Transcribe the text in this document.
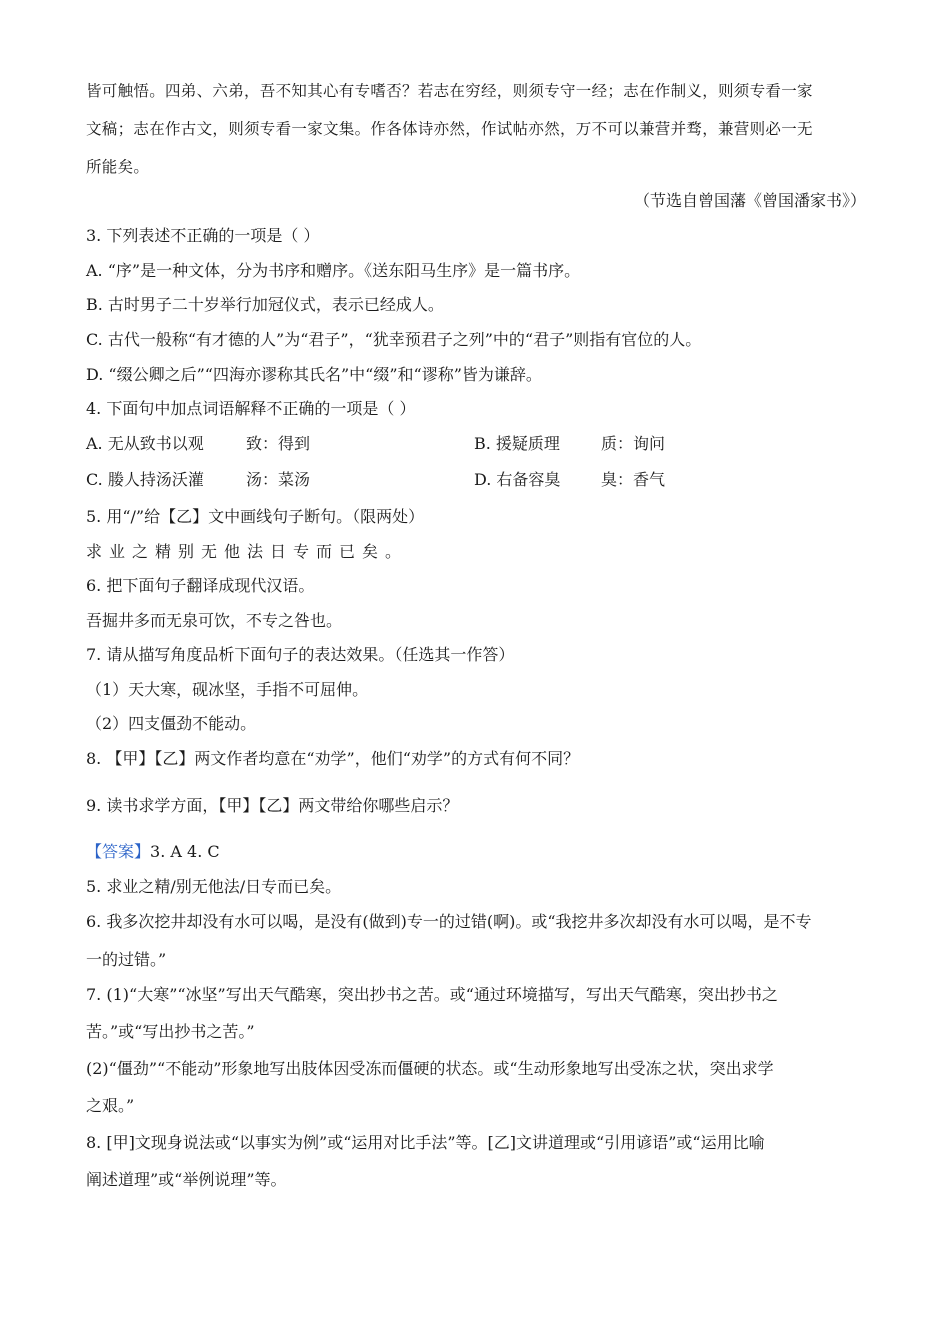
皆可触悟。四弟、六弟，吾不知其心有专嗜否？若志在穷经，则须专守一经；志在作制义，则须专看一家
文稿；志在作古文，则须专看一家文集。作各体诗亦然，作试帖亦然，万不可以兼营并骛，兼营则必一无
所能矣。
（节选自曾国藩《曾国潘家书》）
3. 下列表述不正确的一项是（ ）
A. “序”是一种文体，分为书序和赠序。《送东阳马生序》是一篇书序。
B. 古时男子二十岁举行加冠仪式，表示已经成人。
C. 古代一般称“有才德的人”为“君子”，“犹幸预君子之列”中的“君子”则指有官位的人。
D. “缀公卿之后”“四海亦谬称其氏名”中“缀”和“谬称”皆为谦辞。
4. 下面句中加点词语解释不正确的一项是（ ）
A. 无从致书以观	致：得到	B. 援疑质理	质：询问
C. 媵人持汤沃灌	汤：菜汤	D. 右备容臭	臭：香气
5. 用“/”给【乙】文中画线句子断句。（限两处）
求业之精别无他法日专而已矣。
6. 把下面句子翻译成现代汉语。
吾掘井多而无泉可饮，不专之咎也。
7. 请从描写角度品析下面句子的表达效果。（任选其一作答）
（1）天大寒，砚冰坚，手指不可屈伸。
（2）四支僵劲不能动。
8. 【甲】【乙】两文作者均意在“劝学”，他们“劝学”的方式有何不同？
9. 读书求学方面，【甲】【乙】两文带给你哪些启示？
【答案】3. A 4. C
5. 求业之精/别无他法/日专而已矣。
6. 我多次挖井却没有水可以喝，是没有(做到)专一的过错(啊)。或“我挖井多次却没有水可以喝，是不专
一的过错。”
7. (1)“大寒”“冰坚”写出天气酷寒，突出抄书之苦。或“通过环境描写，写出天气酷寒，突出抄书之
苦。”或“写出抄书之苦。”
(2)“僵劲”“不能动”形象地写出肢体因受冻而僵硬的状态。或“生动形象地写出受冻之状，突出求学
之艰。”
8. [甲]文现身说法或“以事实为例”或“运用对比手法”等。[乙]文讲道理或“引用谚语”或“运用比喻
阐述道理”或“举例说理”等。
